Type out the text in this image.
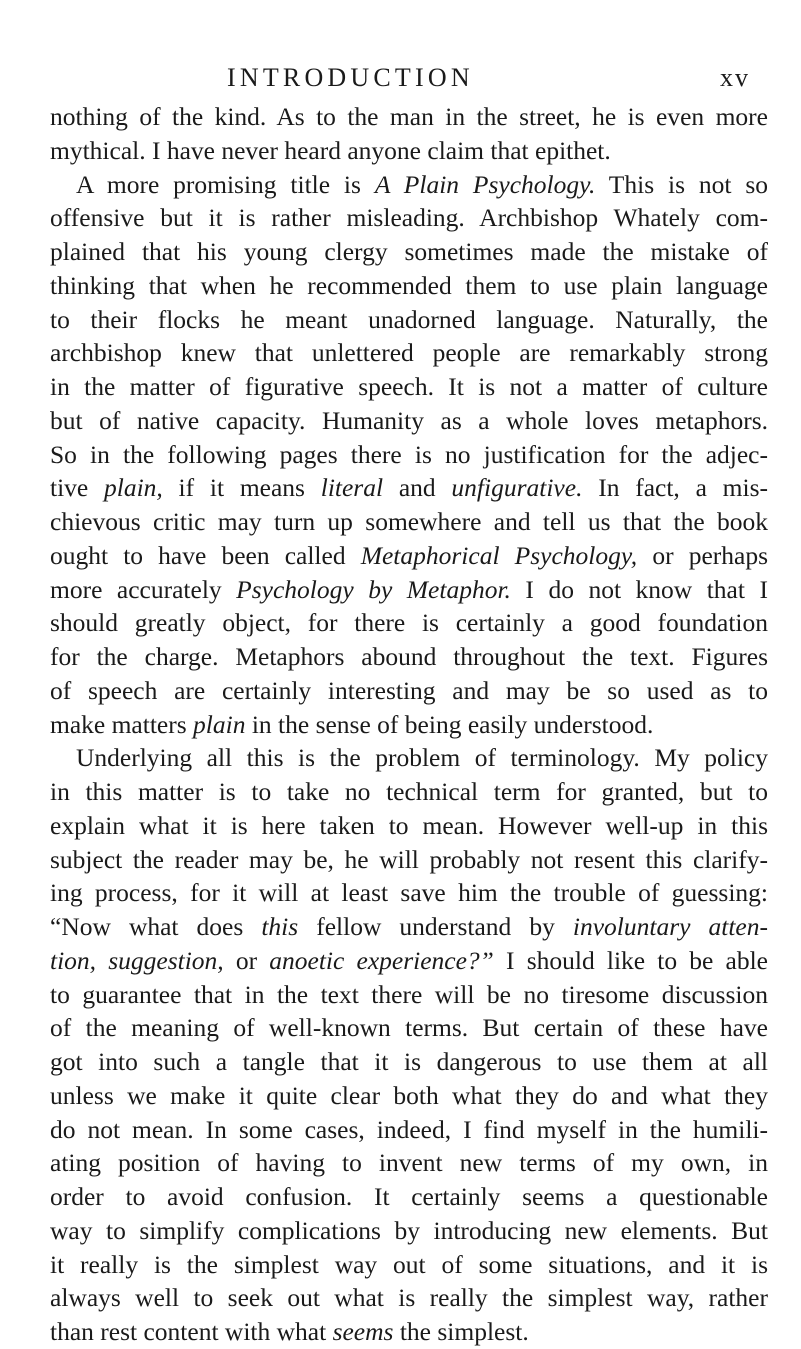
INTRODUCTION	xv
nothing of the kind. As to the man in the street, he is even more
mythical. I have never heard anyone claim that epithet.
A more promising title is A Plain Psychology. This is not so
offensive but it is rather misleading. Archbishop Whately com-
plained that his young clergy sometimes made the mistake of
thinking that when he recommended them to use plain language
to their flocks he meant unadorned language. Naturally, the
archbishop knew that unlettered people are remarkably strong
in the matter of figurative speech. It is not a matter of culture
but of native capacity. Humanity as a whole loves metaphors.
So in the following pages there is no justification for the adjec-
tive plain, if it means literal and unfigurative. In fact, a mis-
chievous critic may turn up somewhere and tell us that the book
ought to have been called Metaphorical Psychology, or perhaps
more accurately Psychology by Metaphor. I do not know that I
should greatly object, for there is certainly a good foundation
for the charge. Metaphors abound throughout the text. Figures
of speech are certainly interesting and may be so used as to
make matters plain in the sense of being easily understood.
Underlying all this is the problem of terminology. My policy
in this matter is to take no technical term for granted, but to
explain what it is here taken to mean. However well-up in this
subject the reader may be, he will probably not resent this clarify-
ing process, for it will at least save him the trouble of guessing:
“Now what does this fellow understand by involuntary atten-
tion, suggestion, or anoetic experience?” I should like to be able
to guarantee that in the text there will be no tiresome discussion
of the meaning of well-known terms. But certain of these have
got into such a tangle that it is dangerous to use them at all
unless we make it quite clear both what they do and what they
do not mean. In some cases, indeed, I find myself in the humili-
ating position of having to invent new terms of my own, in
order to avoid confusion. It certainly seems a questionable
way to simplify complications by introducing new elements. But
it really is the simplest way out of some situations, and it is
always well to seek out what is really the simplest way, rather
than rest content with what seems the simplest.
